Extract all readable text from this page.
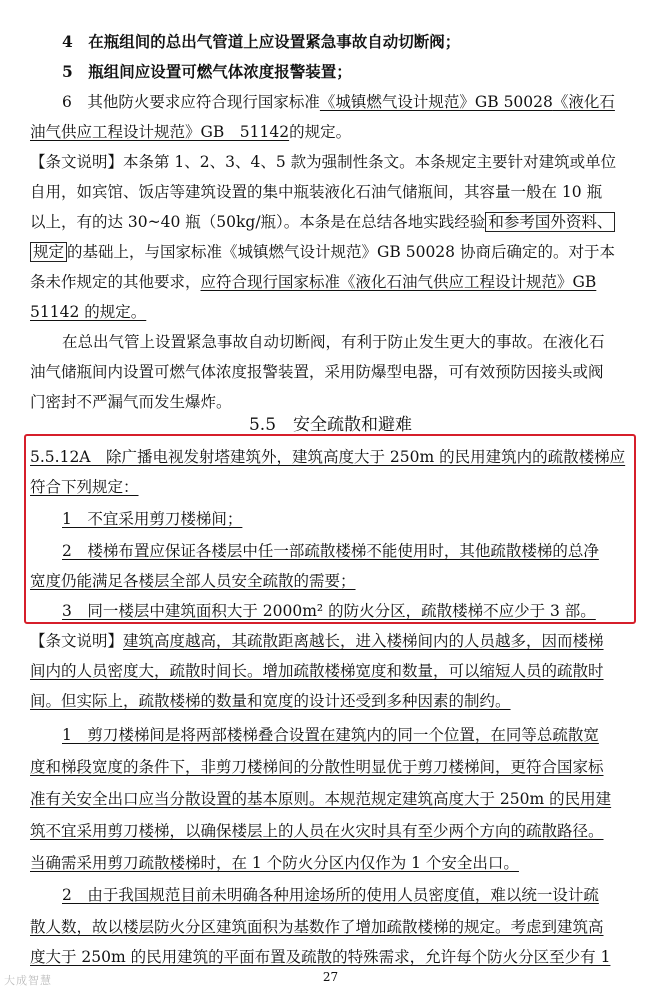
4　在瓶组间的总出气管道上应设置紧急事故自动切断阀；
5　瓶组间应设置可燃气体浓度报警装置；
6　其他防火要求应符合现行国家标准《城镇燃气设计规范》GB 50028《液化石
油气供应工程设计规范》GB　51142的规定。
【条文说明】本条第 1、2、3、4、5 款为强制性条文。本条规定主要针对建筑或单位
自用，如宾馆、饭店等建筑设置的集中瓶装液化石油气储瓶间，其容量一般在 10 瓶
以上，有的达 30~40 瓶（50kg/瓶）。本条是在总结各地实践经验 和参考国外资料、
规定 的基础上，与国家标准《城镇燃气设计规范》GB 50028 协商后确定的。对于本
条未作规定的其他要求，应符合现行国家标准《液化石油气供应工程设计规范》GB
51142 的规定。
在总出气管上设置紧急事故自动切断阀，有利于防止发生更大的事故。在液化石
油气储瓶间内设置可燃气体浓度报警装置，采用防爆型电器，可有效预防因接头或阀
门密封不严漏气而发生爆炸。
5.5　安全疏散和避难
5.5.12A　除广播电视发射塔建筑外，建筑高度大于 250m 的民用建筑内的疏散楼梯应
符合下列规定：
1　不宜采用剪刀楼梯间；
2　楼梯布置应保证各楼层中任一部疏散楼梯不能使用时，其他疏散楼梯的总净
宽度仍能满足各楼层全部人员安全疏散的需要；
3　同一楼层中建筑面积大于 2000m² 的防火分区，疏散楼梯不应少于 3 部。
【条文说明】建筑高度越高，其疏散距离越长，进入楼梯间内的人员越多，因而楼梯
间内的人员密度大，疏散时间长。增加疏散楼梯宽度和数量，可以缩短人员的疏散时
间。但实际上，疏散楼梯的数量和宽度的设计还受到多种因素的制约。
1　剪刀楼梯间是将两部楼梯叠合设置在建筑内的同一个位置，在同等总疏散宽
度和梯段宽度的条件下，非剪刀楼梯间的分散性明显优于剪刀楼梯间，更符合国家标
准有关安全出口应当分散设置的基本原则。本规范规定建筑高度大于 250m 的民用建
筑不宜采用剪刀楼梯，以确保楼层上的人员在火灾时具有至少两个方向的疏散路径。
当确需采用剪刀疏散楼梯时，在 1 个防火分区内仅作为 1 个安全出口。
2　由于我国规范目前未明确各种用途场所的使用人员密度值，难以统一设计疏
散人数，故以楼层防火分区建筑面积为基数作了增加疏散楼梯的规定。考虑到建筑高
度大于 250m 的民用建筑的平面布置及疏散的特殊需求，允许每个防火分区至少有 1
27
大成智慧
